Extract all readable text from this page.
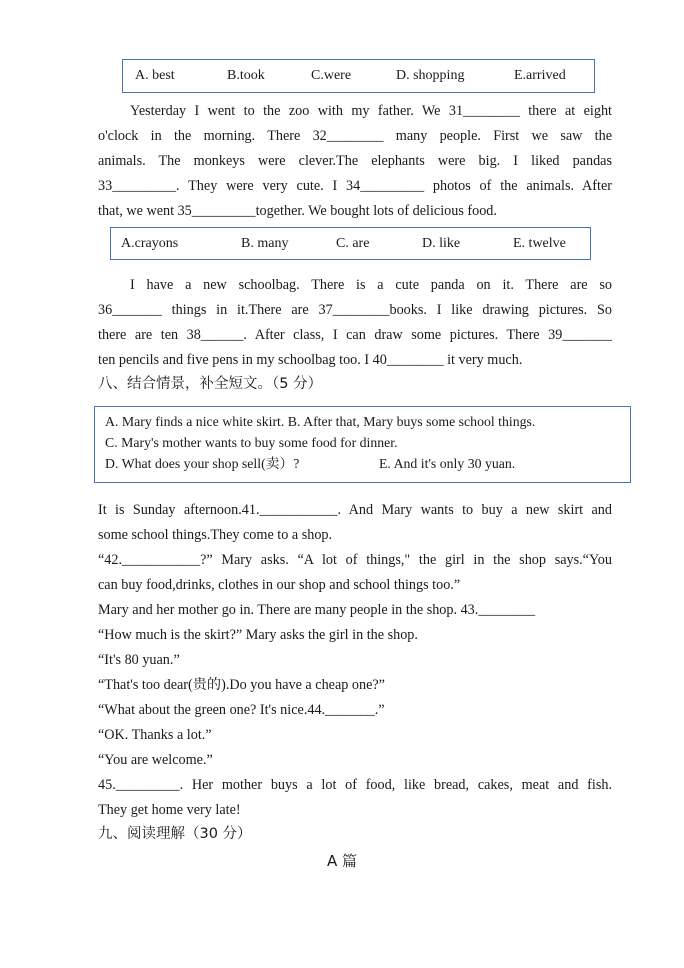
A. best	B.took	C.were	D. shopping	E.arrived
Yesterday I went to the zoo with my father. We 31________ there at eight
o'clock in the morning. There 32________ many people. First we saw the
animals. The monkeys were clever.The elephants were big. I liked pandas
33_________. They were very cute. I 34_________ photos of the animals. After
that, we went 35_________together. We bought lots of delicious food.
A.crayons	B. many	C. are	D. like	E. twelve
I have a new schoolbag. There is a cute panda on it. There are so
36_______ things in it.There are 37________books. I like drawing pictures. So
there are ten 38______. After class, I can draw some pictures. There 39_______
ten pencils and five pens in my schoolbag too. I 40________ it very much.
八、结合情景，补全短文。（5 分）
A. Mary finds a nice white skirt. B. After that, Mary buys some school things.
C. Mary's mother wants to buy some food for dinner.
D. What does your shop sell(卖）?	E. And it's only 30 yuan.
It is Sunday afternoon.41.___________. And Mary wants to buy a new skirt and
some school things.They come to a shop.
“42.___________?” Mary asks. “A lot of things," the girl in the shop says.“You
can buy food,drinks, clothes in our shop and school things too.”
Mary and her mother go in. There are many people in the shop. 43.________
“How much is the skirt?” Mary asks the girl in the shop.
“It's 80 yuan.”
“That's too dear(贵的).Do you have a cheap one?”
“What about the green one? It's nice.44._______.”
“OK. Thanks a lot.”
“You are welcome.”
45._________. Her mother buys a lot of food, like bread, cakes, meat and fish.
They get home very late!
九、阅读理解（30 分）
A 篇
